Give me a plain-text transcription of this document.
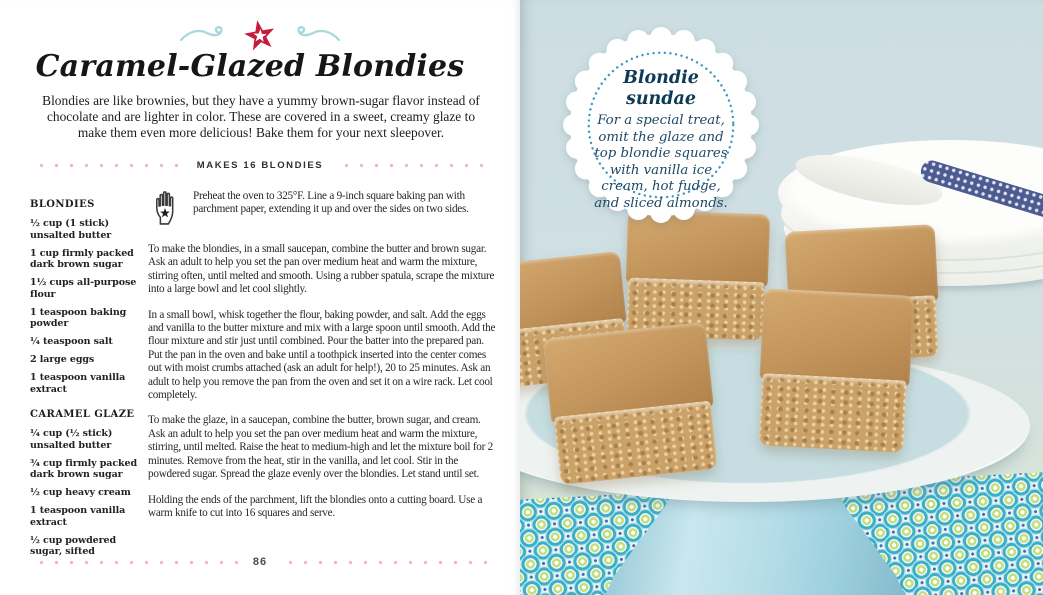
Caramel-Glazed Blondies

Blondies are like brownies, but they have a yummy brown-sugar flavor instead of chocolate and are lighter in color. These are covered in a sweet, creamy glaze to make them even more delicious! Bake them for your next sleepover.

MAKES 16 BLONDIES
BLONDIES

½ cup (1 stick) unsalted butter

1 cup firmly packed dark brown sugar

1½ cups all-purpose flour

1 teaspoon baking powder

¼ teaspoon salt

2 large eggs

1 teaspoon vanilla extract

CARAMEL GLAZE

¼ cup (½ stick) unsalted butter

¾ cup firmly packed dark brown sugar

½ cup heavy cream

1 teaspoon vanilla extract

½ cup powdered sugar, sifted

Preheat the oven to 325°F. Line a 9-inch square baking pan with parchment paper, extending it up and over the sides on two sides.

To make the blondies, in a small saucepan, combine the butter and brown sugar. Ask an adult to help you set the pan over medium heat and warm the mixture, stirring often, until melted and smooth. Using a rubber spatula, scrape the mixture into a large bowl and let cool slightly.

In a small bowl, whisk together the flour, baking powder, and salt. Add the eggs and vanilla to the butter mixture and mix with a large spoon until smooth. Add the flour mixture and stir just until combined. Pour the batter into the prepared pan. Put the pan in the oven and bake until a toothpick inserted into the center comes out with moist crumbs attached (ask an adult for help!), 20 to 25 minutes. Ask an adult to help you remove the pan from the oven and set it on a wire rack. Let cool completely.

To make the glaze, in a saucepan, combine the butter, brown sugar, and cream. Ask an adult to help you set the pan over medium heat and warm the mixture, stirring, until melted. Raise the heat to medium-high and let the mixture boil for 2 minutes. Remove from the heat, stir in the vanilla, and let cool. Stir in the powdered sugar. Spread the glaze evenly over the blondies. Let stand until set.

Holding the ends of the parchment, lift the blondies onto a cutting board. Use a warm knife to cut into 16 squares and serve.

86
Blondie sundae
For a special treat, omit the glaze and top blondie squares with vanilla ice cream, hot fudge, and sliced almonds.
